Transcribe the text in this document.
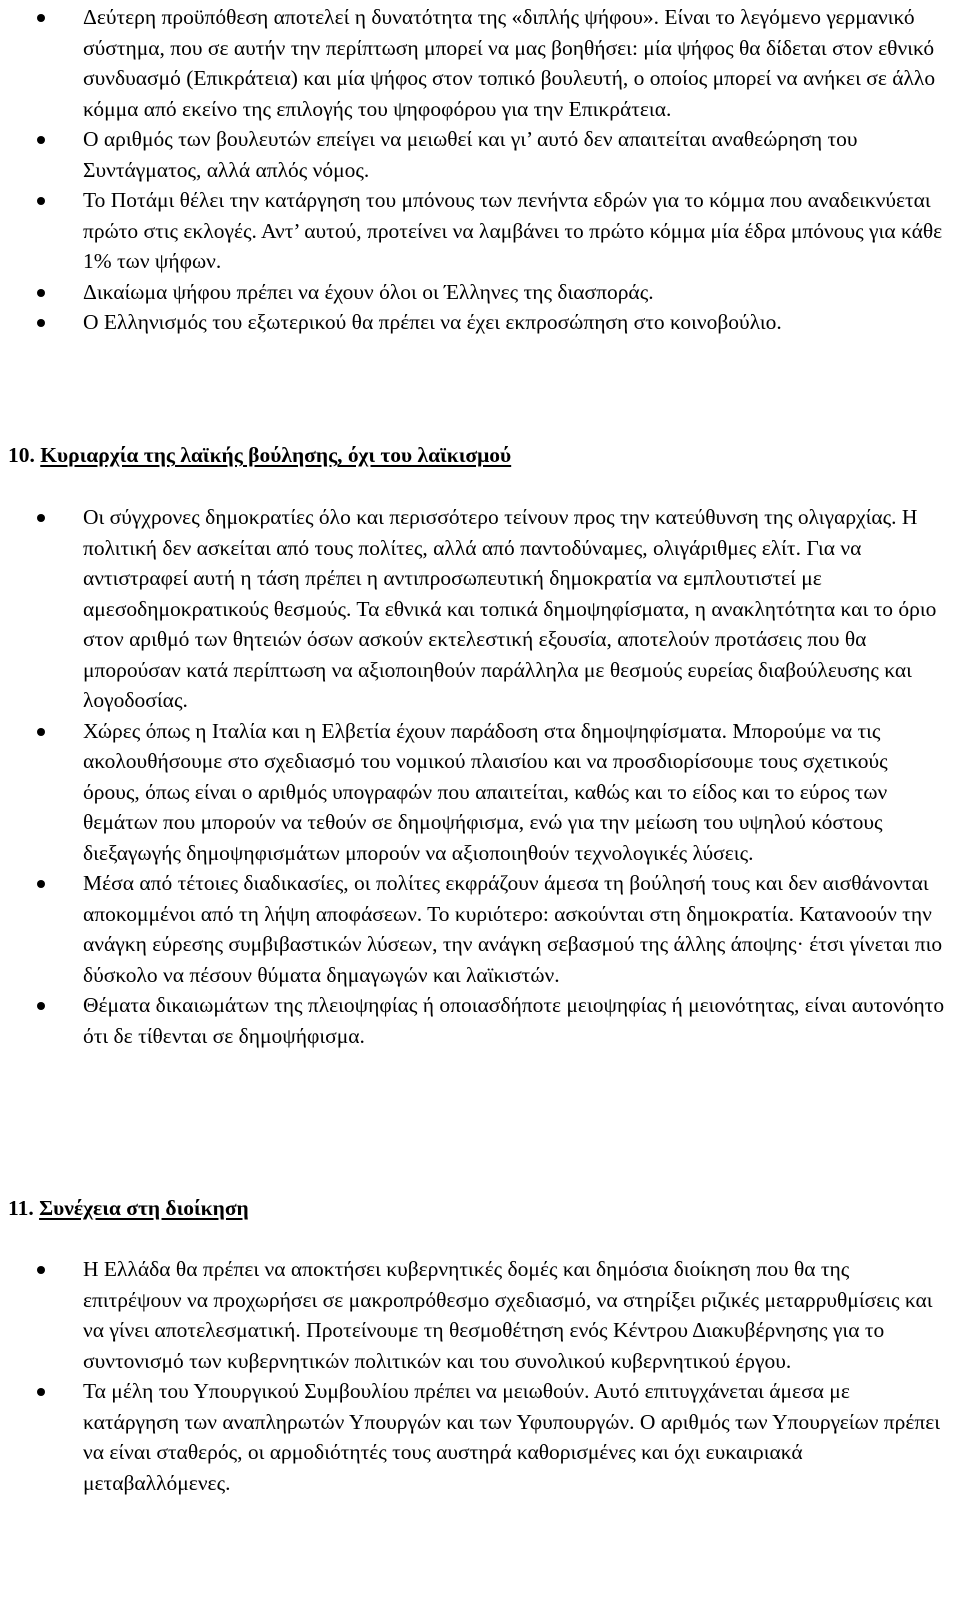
Δεύτερη προϋπόθεση αποτελεί η δυνατότητα της «διπλής ψήφου». Είναι το λεγόμενο γερμανικό σύστημα, που σε αυτήν την περίπτωση μπορεί να μας βοηθήσει: μία ψήφος θα δίδεται στον εθνικό συνδυασμό (Επικράτεια) και μία ψήφος στον τοπικό βουλευτή, ο οποίος μπορεί να ανήκει σε άλλο κόμμα από εκείνο της επιλογής του ψηφοφόρου για την Επικράτεια.
Ο αριθμός των βουλευτών επείγει να μειωθεί και γι’ αυτό δεν απαιτείται αναθεώρηση του Συντάγματος, αλλά απλός νόμος.
Το Ποτάμι θέλει την κατάργηση του μπόνους των πενήντα εδρών για το κόμμα που αναδεικνύεται πρώτο στις εκλογές. Αντ’ αυτού, προτείνει να λαμβάνει το πρώτο κόμμα μία έδρα μπόνους για κάθε 1% των ψήφων.
Δικαίωμα ψήφου πρέπει να έχουν όλοι οι Έλληνες της διασποράς.
Ο Ελληνισμός του εξωτερικού θα πρέπει να έχει εκπροσώπηση στο κοινοβούλιο.
10. Κυριαρχία της λαϊκής βούλησης, όχι του λαϊκισμού
Οι σύγχρονες δημοκρατίες όλο και περισσότερο τείνουν προς την κατεύθυνση της ολιγαρχίας. Η πολιτική δεν ασκείται από τους πολίτες, αλλά από παντοδύναμες, ολιγάριθμες ελίτ. Για να αντιστραφεί αυτή η τάση πρέπει η αντιπροσωπευτική δημοκρατία να εμπλουτιστεί με αμεσοδημοκρατικούς θεσμούς. Τα εθνικά και τοπικά δημοψηφίσματα, η ανακλητότητα και το όριο στον αριθμό των θητειών όσων ασκούν εκτελεστική εξουσία, αποτελούν προτάσεις που θα μπορούσαν κατά περίπτωση να αξιοποιηθούν παράλληλα με θεσμούς ευρείας διαβούλευσης και λογοδοσίας.
Χώρες όπως η Ιταλία και η Ελβετία έχουν παράδοση στα δημοψηφίσματα. Μπορούμε να τις ακολουθήσουμε στο σχεδιασμό του νομικού πλαισίου και να προσδιορίσουμε τους σχετικούς όρους, όπως είναι ο αριθμός υπογραφών που απαιτείται, καθώς και το είδος και το εύρος των θεμάτων που μπορούν να τεθούν σε δημοψήφισμα, ενώ για την μείωση του υψηλού κόστους διεξαγωγής δημοψηφισμάτων μπορούν να αξιοποιηθούν τεχνολογικές λύσεις.
Μέσα από τέτοιες διαδικασίες, οι πολίτες εκφράζουν άμεσα τη βούλησή τους και δεν αισθάνονται αποκομμένοι από τη λήψη αποφάσεων. Το κυριότερο: ασκούνται στη δημοκρατία. Κατανοούν την ανάγκη εύρεσης συμβιβαστικών λύσεων, την ανάγκη σεβασμού της άλλης άποψης· έτσι γίνεται πιο δύσκολο να πέσουν θύματα δημαγωγών και λαϊκιστών.
Θέματα δικαιωμάτων της πλειοψηφίας ή οποιασδήποτε μειοψηφίας ή μειονότητας, είναι αυτονόητο ότι δε τίθενται σε δημοψήφισμα.
11. Συνέχεια στη διοίκηση
Η Ελλάδα θα πρέπει να αποκτήσει κυβερνητικές δομές και δημόσια διοίκηση που θα της επιτρέψουν να προχωρήσει σε μακροπρόθεσμο σχεδιασμό, να στηρίξει ριζικές μεταρρυθμίσεις και να γίνει αποτελεσματική. Προτείνουμε τη θεσμοθέτηση ενός Κέντρου Διακυβέρνησης για το συντονισμό των κυβερνητικών πολιτικών και του συνολικού κυβερνητικού έργου.
Τα μέλη του Υπουργικού Συμβουλίου πρέπει να μειωθούν. Αυτό επιτυγχάνεται άμεσα με κατάργηση των αναπληρωτών Υπουργών και των Υφυπουργών. Ο αριθμός των Υπουργείων πρέπει να είναι σταθερός, οι αρμοδιότητές τους αυστηρά καθορισμένες και όχι ευκαιριακά μεταβαλλόμενες.
